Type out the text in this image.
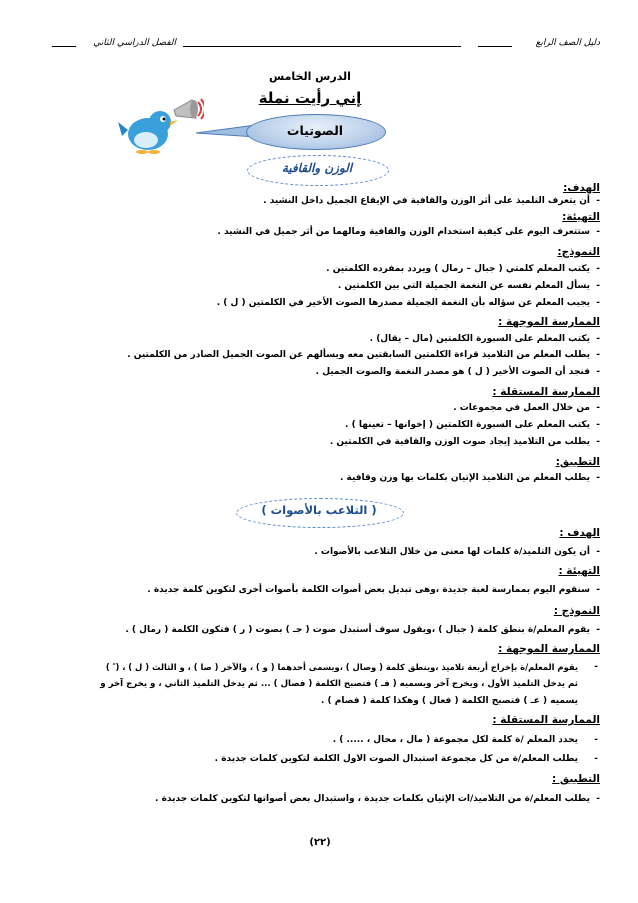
دليل الصف الرابع
الفصل الدراسي الثاني
الدرس الخامس
إني رأيت نملة
الصوتيات
الوزن والقافية
الهدف:
أن يتعرف التلميذ على أثر الوزن والقافية في الإيقاع الجميل داخل النشيد . -
التهيئة:
ستتعرف اليوم على كيفية استخدام الوزن والقافية ومالهما من أثر جميل في النشيد . -
النموذج:
يكتب المعلم كلمتي ( جبال – رمال ) ويردد بمفرده الكلمتين . -
يسأل المعلم نفسه عن النغمة الجميلة التي بين الكلمتين . -
يجيب المعلم عن سؤاله بأن النغمة الجميلة مصدرها الصوت الأخير في الكلمتين ( ل ) . -
الممارسة الموجهة :
يكتب المعلم على السبورة الكلمتين (مال – يقال) . -
يطلب المعلم من التلاميذ قراءة الكلمتين السابقتين معه ويسألهم عن الصوت الجميل الصادر من الكلمتين . -
فنجد أن الصوت الأخير ( ل ) هو مصدر النغمة والصوت الجميل . -
الممارسة المستقلة :
من خلال العمل في مجموعات . -
يكتب المعلم على السبورة الكلمتين ( إخوانها – تعينها ) . -
يطلب من التلاميذ إيجاد صوت الوزن والقافية في الكلمتين . -
التطبيق:
يطلب المعلم من التلاميذ الإتيان بكلمات بها وزن وقافية . -
( التلاعب بالأصوات )
الهدف :
أن يكون التلميذ/ة كلمات لها معنى من خلال التلاعب بالأصوات . -
التهيئة :
سنقوم اليوم بممارسة لعبة جديدة ،وهى تبديل بعض أصوات الكلمة بأصوات أخرى لتكوين كلمة جديدة . -
النموذج :
يقوم المعلم/ة بنطق كلمة ( جبال ) ،ويقول سوف أستبدل صوت ( جـ ) بصوت ( ر ) فتكون الكلمة ( رمال ) . -
الممارسة الموجهة :
يقوم المعلم/ة بإخراج أربعة تلاميذ ،وينطق كلمة ( وصال ) ،ويسمى أحدهما ( و ) ، والآخر ( صا ) ، و الثالث ( ل ) ، ( ً ) -
ثم يدخل التلميذ الأول ، ويخرج آخر ويسميه ( فـ ) فتصبح الكلمة ( فصال ) ... ثم يدخل التلميذ الثاني ، و يخرج آخر و
يسميه ( عـ ) فتصبح الكلمة ( فعال ) وهكذا كلمة ( فصام ) .
الممارسة المستقلة :
يحدد المعلم /ة كلمة لكل مجموعة ( مال ، محال ، ..... ) . -
يطلب المعلم/ة من كل مجموعة استبدال الصوت الاول الكلمة لتكوين كلمات جديدة . -
التطبيق :
يطلب المعلم/ة من التلاميذ/ات الإتيان بكلمات جديدة ، واستبدال بعض أصواتها لتكوين كلمات جديدة . -
(٢٢)
